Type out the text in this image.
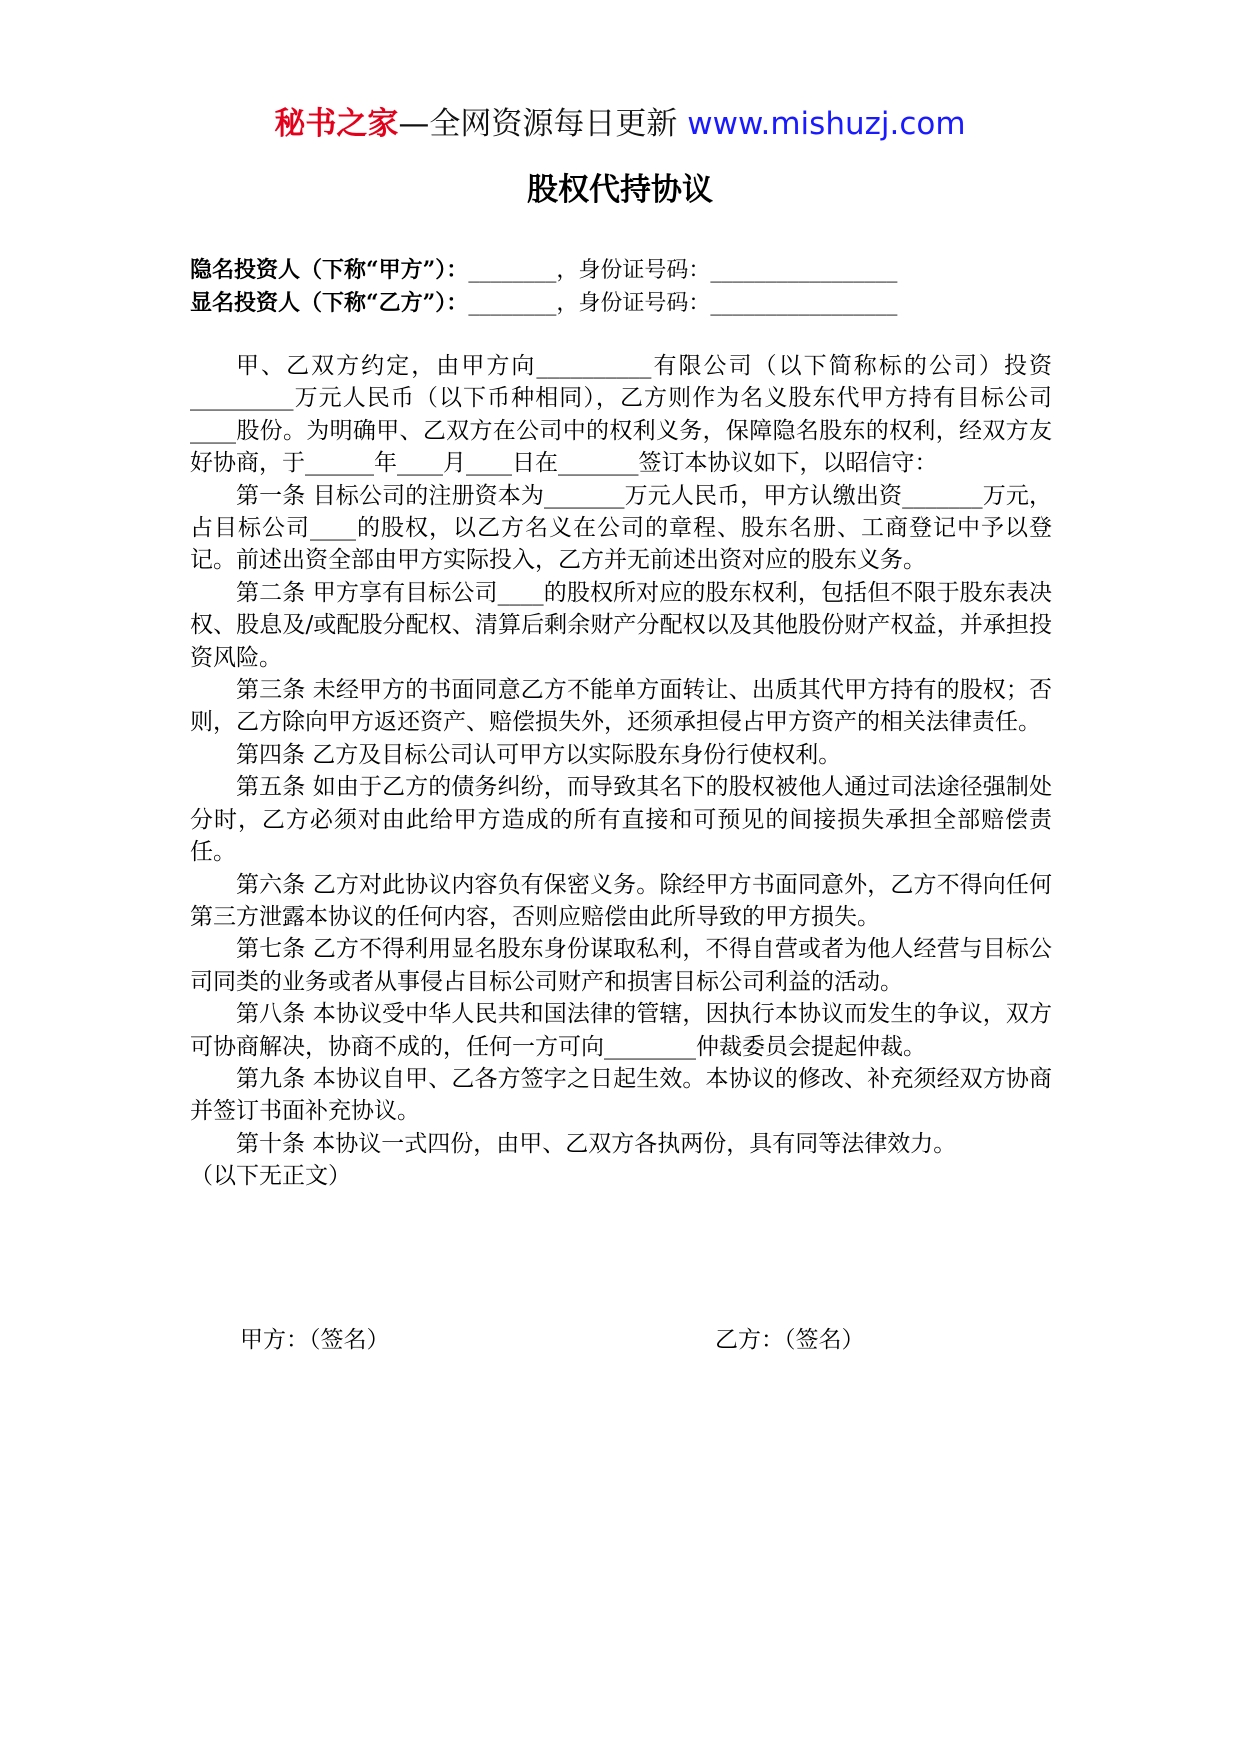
秘书之家—全网资源每日更新 www.mishuzj.com
股权代持协议
隐名投资人（下称“甲方”）：________，身份证号码：_________________
显名投资人（下称“乙方”）：________，身份证号码：_________________

甲、乙双方约定，由甲方向__________有限公司（以下简称标的公司）投资_________万元人民币（以下币种相同），乙方则作为名义股东代甲方持有目标公司____股份。为明确甲、乙双方在公司中的权利义务，保障隐名股东的权利，经双方友好协商，于______年____月____日在_______签订本协议如下，以昭信守：

第一条 目标公司的注册资本为_______万元人民币，甲方认缴出资_______万元，占目标公司____的股权，以乙方名义在公司的章程、股东名册、工商登记中予以登记。前述出资全部由甲方实际投入，乙方并无前述出资对应的股东义务。

第二条 甲方享有目标公司____的股权所对应的股东权利，包括但不限于股东表决权、股息及/或配股分配权、清算后剩余财产分配权以及其他股份财产权益，并承担投资风险。

第三条 未经甲方的书面同意乙方不能单方面转让、出质其代甲方持有的股权；否则，乙方除向甲方返还资产、赔偿损失外，还须承担侵占甲方资产的相关法律责任。

第四条 乙方及目标公司认可甲方以实际股东身份行使权利。

第五条 如由于乙方的债务纠纷，而导致其名下的股权被他人通过司法途径强制处分时，乙方必须对由此给甲方造成的所有直接和可预见的间接损失承担全部赔偿责任。

第六条 乙方对此协议内容负有保密义务。除经甲方书面同意外，乙方不得向任何第三方泄露本协议的任何内容，否则应赔偿由此所导致的甲方损失。

第七条 乙方不得利用显名股东身份谋取私利，不得自营或者为他人经营与目标公司同类的业务或者从事侵占目标公司财产和损害目标公司利益的活动。

第八条 本协议受中华人民共和国法律的管辖，因执行本协议而发生的争议，双方可协商解决，协商不成的，任何一方可向________仲裁委员会提起仲裁。

第九条 本协议自甲、乙各方签字之日起生效。本协议的修改、补充须经双方协商并签订书面补充协议。

第十条 本协议一式四份，由甲、乙双方各执两份，具有同等法律效力。

（以下无正文）

甲方：（签名）	乙方：（签名）
